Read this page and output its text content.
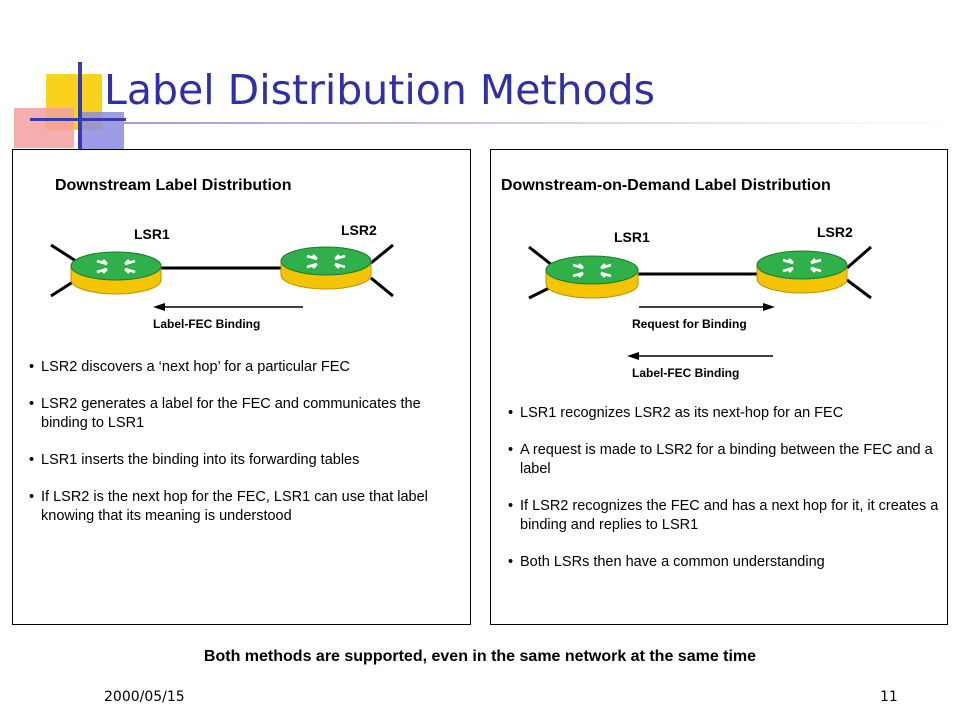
Label Distribution Methods
Downstream Label Distribution
LSR1	LSR2
Label-FEC Binding
• LSR2 discovers a ‘next hop’ for a particular FEC
• LSR2 generates a label for the FEC and communicates the binding to LSR1
• LSR1 inserts the binding into its forwarding tables
• If LSR2 is the next hop for the FEC, LSR1 can use that label knowing that its meaning is understood
Downstream-on-Demand Label Distribution
LSR1	LSR2
Request for Binding
Label-FEC Binding
• LSR1 recognizes LSR2 as its next-hop for an FEC
• A request is made to LSR2 for a binding between the FEC and a label
• If LSR2 recognizes the FEC and has a next hop for it, it creates a binding and replies to LSR1
• Both LSRs then have a common understanding
Both methods are supported, even in the same network at the same time
2000/05/15	11
